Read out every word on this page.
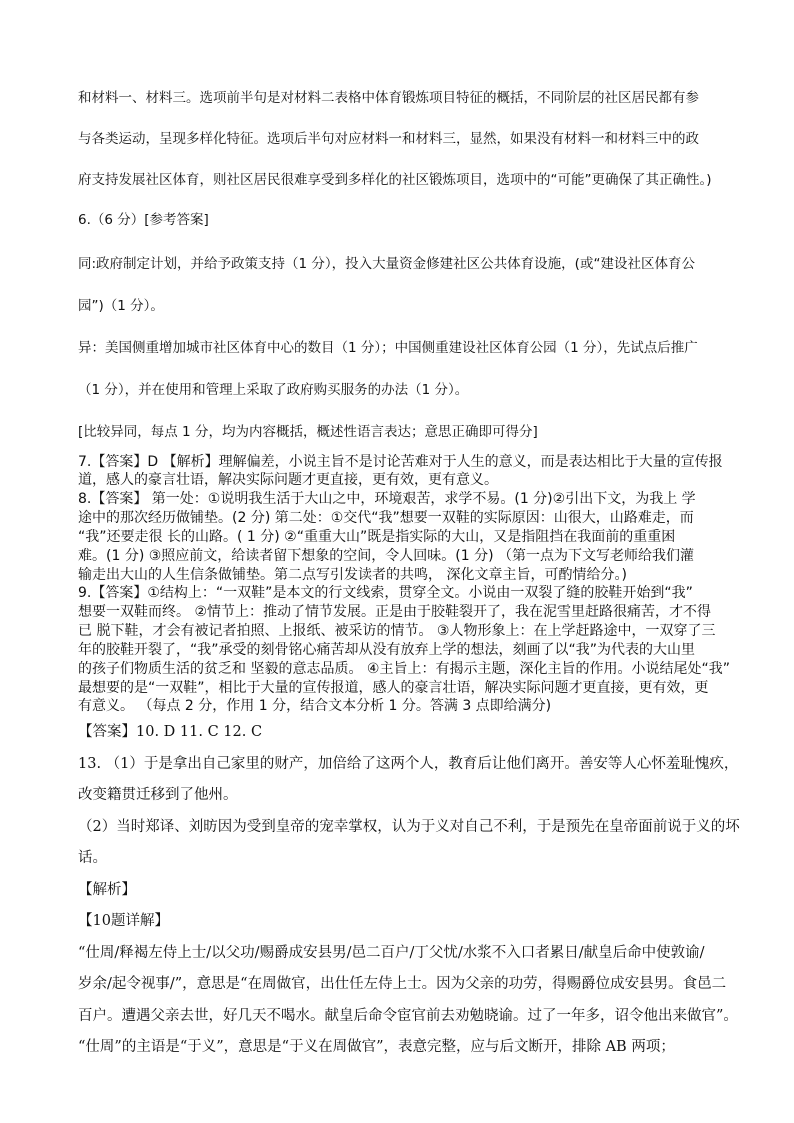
和材料一、材料三。选项前半句是对材料二表格中体育锻炼项目特征的概括，不同阶层的社区居民都有参
与各类运动，呈现多样化特征。选项后半句对应材料一和材料三，显然，如果没有材料一和材料三中的政
府支持发展社区体育，则社区居民很难享受到多样化的社区锻炼项目，选项中的“可能”更确保了其正确性。)
6.（6 分）[参考答案]
同:政府制定计划，并给予政策支持（1 分），投入大量资金修建社区公共体育设施，(或“建设社区体育公
园”)（1 分）。
异：美国侧重增加城市社区体育中心的数目（1 分）；中国侧重建设社区体育公园（1 分），先试点后推广
（1 分），并在使用和管理上采取了政府购买服务的办法（1 分）。
[比较异同，每点 1 分，均为内容概括，概述性语言表达；意思正确即可得分]
7.【答案】D 【解析】理解偏差，小说主旨不是讨论苦难对于人生的意义，而是表达相比于大量的宣传报
道，感人的豪言壮语，解决实际问题才更直接，更有效，更有意义。
8.【答案】 第一处：①说明我生活于大山之中，环境艰苦，求学不易。(1 分)②引出下文，为我上 学
途中的那次经历做铺垫。(2 分) 第二处：①交代“我”想要一双鞋的实际原因：山很大，山路难走，而
“我”还要走很 长的山路。( 1 分) ②“重重大山”既是指实际的大山，又是指阻挡在我面前的重重困
难。(1 分) ③照应前文，给读者留下想象的空间，令人回味。(1 分) （第一点为下文写老师给我们灌
输走出大山的人生信条做铺垫。第二点写引发读者的共鸣， 深化文章主旨，可酌情给分。)
9.【答案】①结构上：“一双鞋”是本文的行文线索，贯穿全文。小说由一双裂了缝的胶鞋开始到“我”
想要一双鞋而终。 ②情节上：推动了情节发展。正是由于胶鞋裂开了，我在泥雪里赶路很痛苦，才不得
已 脱下鞋，才会有被记者拍照、上报纸、被采访的情节。 ③人物形象上：在上学赶路途中，一双穿了三
年的胶鞋开裂了，“我”承受的刻骨铭心痛苦却从没有放弃上学的想法，刻画了以“我”为代表的大山里
的孩子们物质生活的贫乏和 坚毅的意志品质。 ④主旨上：有揭示主题，深化主旨的作用。小说结尾处“我”
最想要的是“一双鞋”，相比于大量的宣传报道，感人的豪言壮语，解决实际问题才更直接，更有效，更
有意义。 （每点 2 分，作用 1 分，结合文本分析 1 分。答满 3 点即给满分)
【答案】10. D 11. C 12. C
13. （1）于是拿出自己家里的财产，加倍给了这两个人，教育后让他们离开。善安等人心怀羞耻愧疚，
改变籍贯迁移到了他州。
（2）当时郑译、刘昉因为受到皇帝的宠幸掌权，认为于义对自己不利，于是预先在皇帝面前说于义的坏
话。
【解析】
【10题详解】
“仕周/释褐左侍上士/以父功/赐爵成安县男/邑二百户/丁父忧/水浆不入口者累日/献皇后命中使敦谕/
岁余/起令视事/”，意思是“在周做官，出仕任左侍上士。因为父亲的功劳，得赐爵位成安县男。食邑二
百户。遭遇父亲去世，好几天不喝水。献皇后命令宦官前去劝勉晓谕。过了一年多，诏令他出来做官”。
“仕周”的主语是“于义”，意思是“于义在周做官”，表意完整，应与后文断开，排除 AB 两项；
